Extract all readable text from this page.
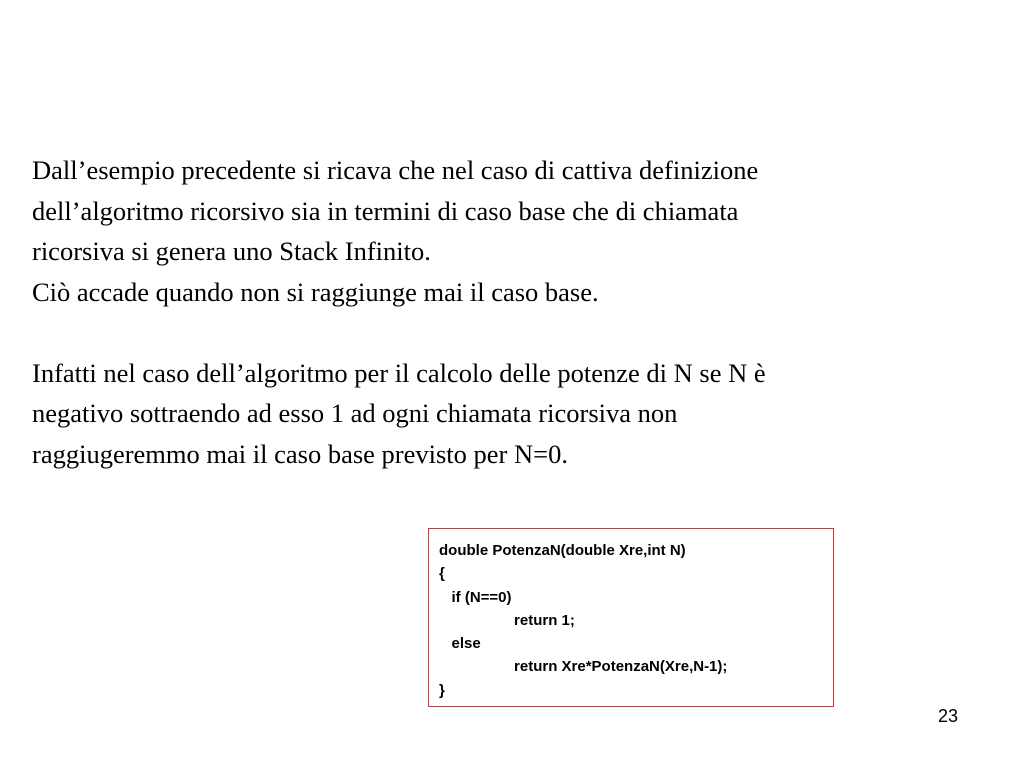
Dall’esempio precedente si ricava che nel caso di cattiva definizione

dell’algoritmo ricorsivo sia in termini di caso base che di chiamata

ricorsiva si genera uno Stack Infinito.

Ciò accade quando non si raggiunge mai il caso base.

Infatti nel caso dell’algoritmo per il calcolo delle potenze di N se N è

negativo sottraendo ad esso 1 ad ogni chiamata ricorsiva non

raggiugeremmo mai il caso base previsto per N=0.

double PotenzaN(double Xre,int N)
{
if (N==0)
return 1;
else
return Xre*PotenzaN(Xre,N-1);
}
23
